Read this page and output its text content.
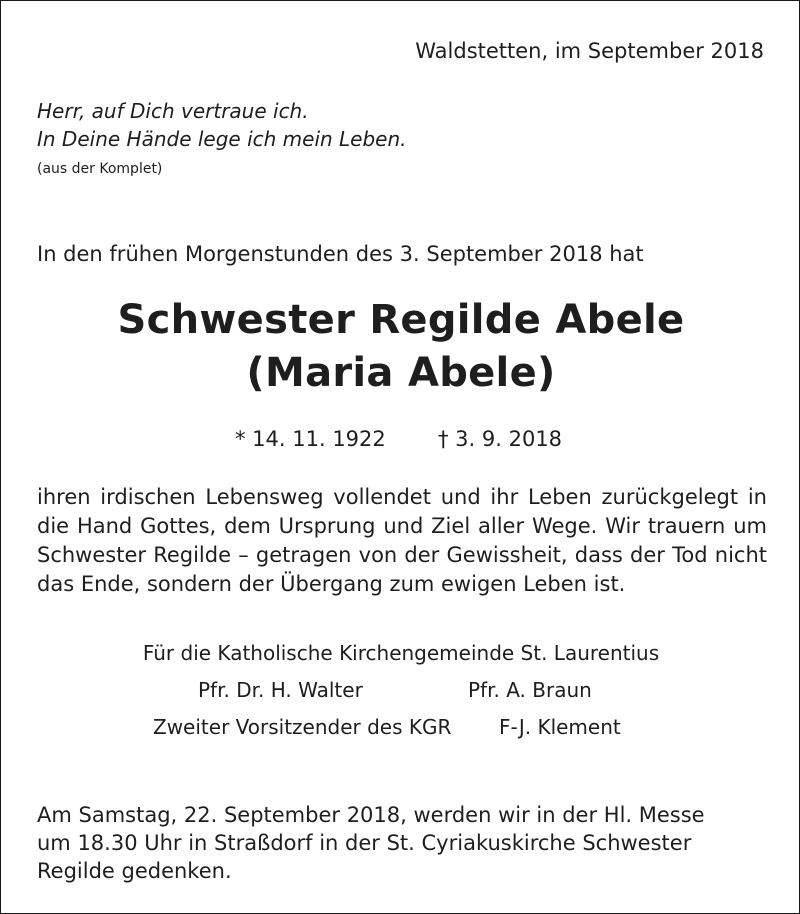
Waldstetten, im September 2018
Herr, auf Dich vertraue ich.
In Deine Hände lege ich mein Leben.
(aus der Komplet)
In den frühen Morgenstunden des 3. September 2018 hat
Schwester Regilde Abele
(Maria Abele)
* 14. 11. 1922 † 3. 9. 2018
ihren irdischen Lebensweg vollendet und ihr Leben zurückgelegt in die Hand Gottes, dem Ursprung und Ziel aller Wege. Wir trauern um Schwester Regilde – getragen von der Gewissheit, dass der Tod nicht das Ende, sondern der Übergang zum ewigen Leben ist.
Für die Katholische Kirchengemeinde St. Laurentius
Pfr. Dr. H. Walter	Pfr. A. Braun
Zweiter Vorsitzender des KGR F-J. Klement
Am Samstag, 22. September 2018, werden wir in der Hl. Messe
um 18.30 Uhr in Straßdorf in der St. Cyriakuskirche Schwester
Regilde gedenken.
